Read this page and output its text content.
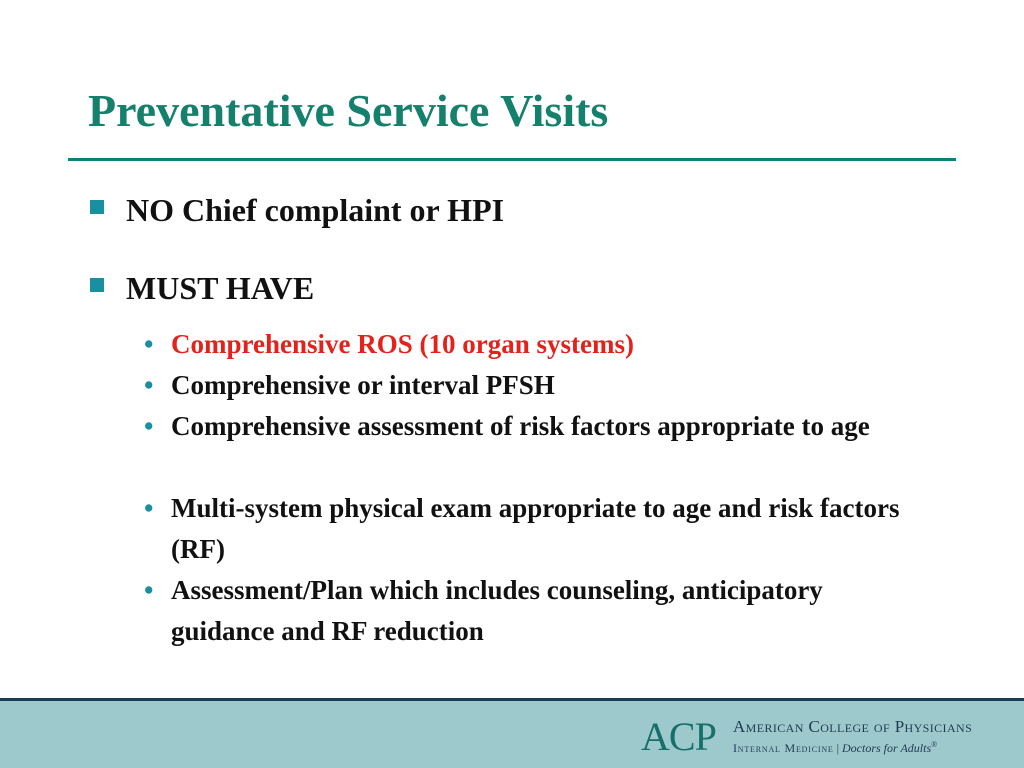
Preventative Service Visits
NO Chief complaint or HPI
MUST HAVE
• Comprehensive ROS (10 organ systems)
• Comprehensive or interval PFSH
• Comprehensive assessment of risk factors appropriate to age
• Multi-system physical exam appropriate to age and risk factors (RF)
• Assessment/Plan which includes counseling, anticipatory guidance and RF reduction
ACP American College of Physicians
Internal Medicine | Doctors for Adults®
